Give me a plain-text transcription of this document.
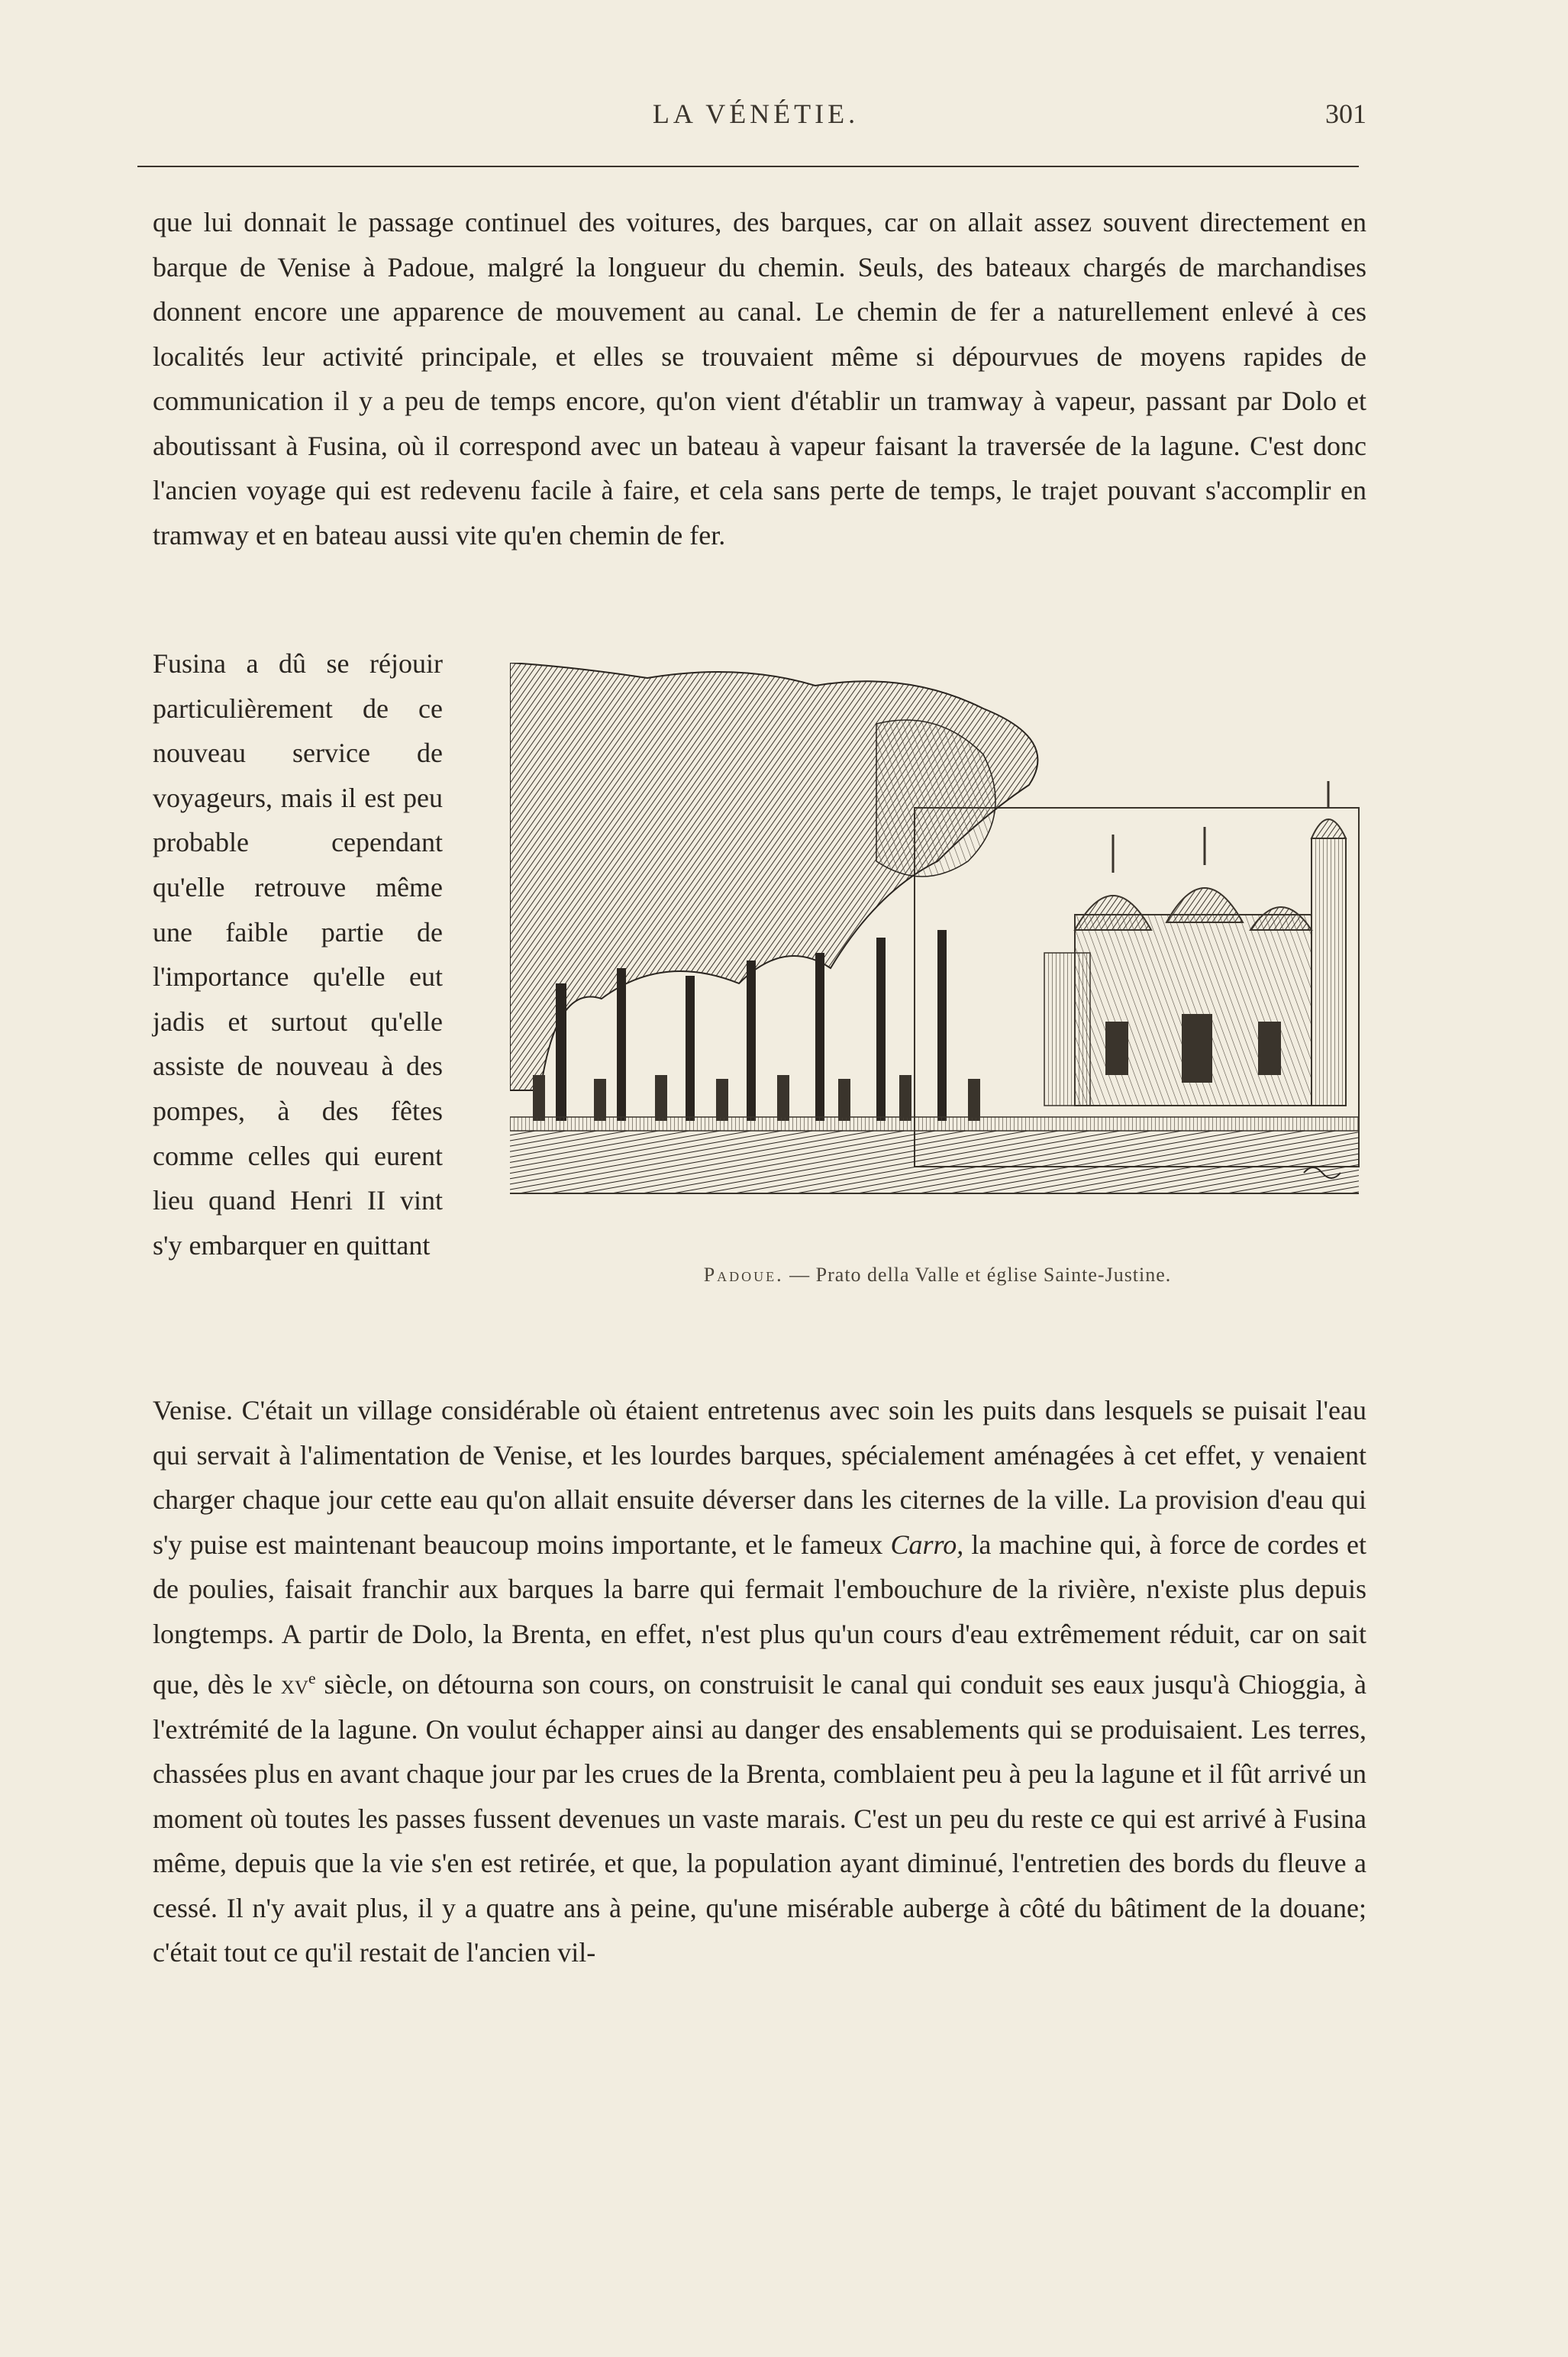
LA VÉNÉTIE.	301

que lui donnait le passage continuel des voitures, des barques, car on allait assez souvent directement en barque de Venise à Padoue, malgré la longueur du chemin. Seuls, des bateaux chargés de marchandises donnent encore une apparence de mouvement au canal. Le chemin de fer a naturellement enlevé à ces localités leur activité principale, et elles se trouvaient même si dépourvues de moyens rapides de communication il y a peu de temps encore, qu'on vient d'établir un tramway à vapeur, passant par Dolo et aboutissant à Fusina, où il correspond avec un bateau à vapeur faisant la traversée de la lagune. C'est donc l'ancien voyage qui est redevenu facile à faire, et cela sans perte de temps, le trajet pouvant s'accomplir en tramway et en bateau aussi vite qu'en chemin de fer.

Fusina a dû se réjouir particulièrement de ce nouveau service de voyageurs, mais il est peu probable cependant qu'elle retrouve même une faible partie de l'importance qu'elle eut jadis et surtout qu'elle assiste de nouveau à des pompes, à des fêtes comme celles qui eurent lieu quand Henri II vint s'y embarquer en quittant

Padoue. — Prato della Valle et église Sainte-Justine.

Venise. C'était un village considérable où étaient entretenus avec soin les puits dans lesquels se puisait l'eau qui servait à l'alimentation de Venise, et les lourdes barques, spécialement aménagées à cet effet, y venaient charger chaque jour cette eau qu'on allait ensuite déverser dans les citernes de la ville. La provision d'eau qui s'y puise est maintenant beaucoup moins importante, et le fameux Carro, la machine qui, à force de cordes et de poulies, faisait franchir aux barques la barre qui fermait l'embouchure de la rivière, n'existe plus depuis longtemps. A partir de Dolo, la Brenta, en effet, n'est plus qu'un cours d'eau extrêmement réduit, car on sait que, dès le $xv^e$ siècle, on détourna son cours, on construisit le canal qui conduit ses eaux jusqu'à Chioggia, à l'extrémité de la lagune. On voulut échapper ainsi au danger des ensablements qui se produisaient. Les terres, chassées plus en avant chaque jour par les crues de la Brenta, comblaient peu à peu la lagune et il fût arrivé un moment où toutes les passes fussent devenues un vaste marais. C'est un peu du reste ce qui est arrivé à Fusina même, depuis que la vie s'en est retirée, et que, la population ayant diminué, l'entretien des bords du fleuve a cessé. Il n'y avait plus, il y a quatre ans à peine, qu'une misérable auberge à côté du bâtiment de la douane; c'était tout ce qu'il restait de l'ancien vil-
